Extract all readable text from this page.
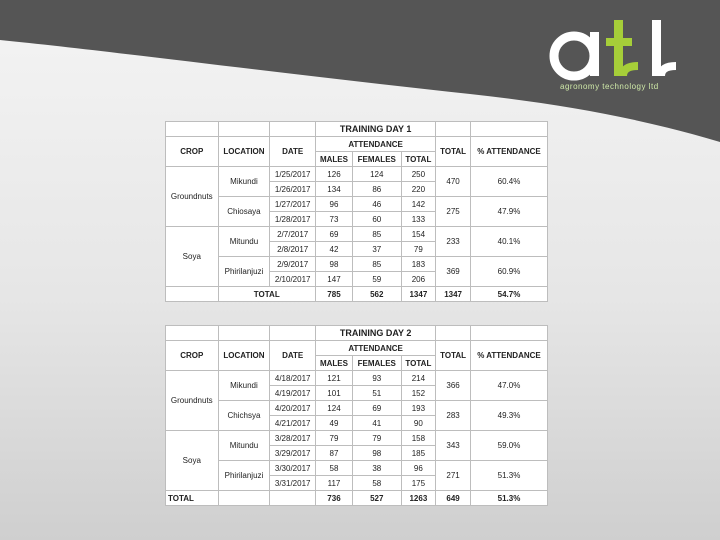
agronomy technology ltd
			TRAINING DAY 1				
CROP	LOCATION	DATE	ATTENDANCE			TOTAL	% ATTENDANCE
			MALES	FEMALES	TOTAL		
Groundnuts	Mikundi	1/25/2017	126	124	250	470	60.4%
		1/26/2017	134	86	220		
	Chiosaya	1/27/2017	96	46	142	275	47.9%
		1/28/2017	73	60	133		
Soya	Mitundu	2/7/2017	69	85	154	233	40.1%
		2/8/2017	42	37	79		
	Phirilanjuzi	2/9/2017	98	85	183	369	60.9%
		2/10/2017	147	59	206		
	TOTAL		785	562	1347	1347	54.7%
			TRAINING DAY 2				
CROP	LOCATION	DATE	ATTENDANCE			TOTAL	% ATTENDANCE
			MALES	FEMALES	TOTAL		
Groundnuts	Mikundi	4/18/2017	121	93	214	366	47.0%
		4/19/2017	101	51	152		
	Chichsya	4/20/2017	124	69	193	283	49.3%
		4/21/2017	49	41	90		
Soya	Mitundu	3/28/2017	79	79	158	343	59.0%
		3/29/2017	87	98	185		
	Phirilanjuzi	3/30/2017	58	38	96	271	51.3%
		3/31/2017	117	58	175		
TOTAL			736	527	1263	649	51.3%
